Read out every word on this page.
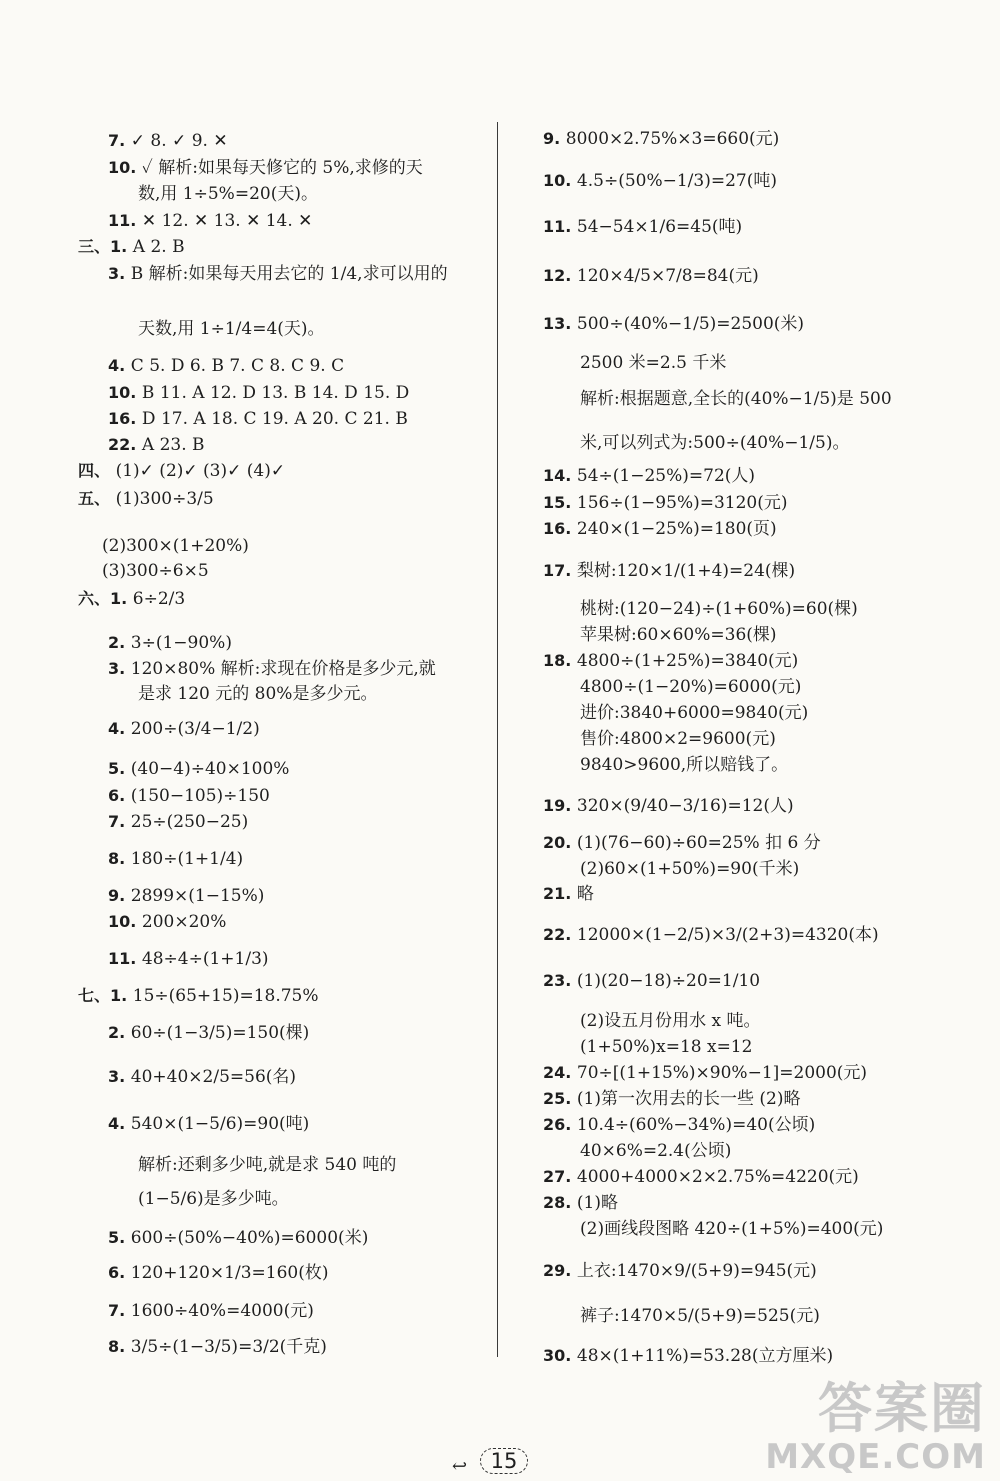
7. ✓ 8. ✓ 9. ✕
10. ✓ 解析:如果每天修它的 5%,求修的天
数,用 1÷5%=20(天)。
11. ✕ 12. ✕ 13. ✕ 14. ✕
三、1. A 2. B
3. B 解析:如果每天用去它的 1/4,求可以用的
天数,用 1÷1/4=4(天)。
4. C 5. D 6. B 7. C 8. C 9. C
10. B 11. A 12. D 13. B 14. D 15. D
16. D 17. A 18. C 19. A 20. C 21. B
22. A 23. B
四、 (1)✓ (2)✓ (3)✓ (4)✓
五、 (1)300÷3/5
(2)300×(1+20%)
(3)300÷6×5
六、1. 6÷2/3
2. 3÷(1−90%)
3. 120×80% 解析:求现在价格是多少元,就
是求 120 元的 80%是多少元。
4. 200÷(3/4−1/2)
5. (40−4)÷40×100%
6. (150−105)÷150
7. 25÷(250−25)
8. 180÷(1+1/4)
9. 2899×(1−15%)
10. 200×20%
11. 48÷4÷(1+1/3)
七、1. 15÷(65+15)=18.75%
2. 60÷(1−3/5)=150(棵)
3. 40+40×2/5=56(名)
4. 540×(1−5/6)=90(吨)
解析:还剩多少吨,就是求 540 吨的
(1−5/6)是多少吨。
5. 600÷(50%−40%)=6000(米)
6. 120+120×1/3=160(枚)
7. 1600÷40%=4000(元)
8. 3/5÷(1−3/5)=3/2(千克)
9. 8000×2.75%×3=660(元)
10. 4.5÷(50%−1/3)=27(吨)
11. 54−54×1/6=45(吨)
12. 120×4/5×7/8=84(元)
13. 500÷(40%−1/5)=2500(米)
2500 米=2.5 千米
解析:根据题意,全长的(40%−1/5)是 500
米,可以列式为:500÷(40%−1/5)。
14. 54÷(1−25%)=72(人)
15. 156÷(1−95%)=3120(元)
16. 240×(1−25%)=180(页)
17. 梨树:120×1/(1+4)=24(棵)
桃树:(120−24)÷(1+60%)=60(棵)
苹果树:60×60%=36(棵)
18. 4800÷(1+25%)=3840(元)
4800÷(1−20%)=6000(元)
进价:3840+6000=9840(元)
售价:4800×2=9600(元)
9840>9600,所以赔钱了。
19. 320×(9/40−3/16)=12(人)
20. (1)(76−60)÷60=25% 扣 6 分
(2)60×(1+50%)=90(千米)
21. 略
22. 12000×(1−2/5)×3/(2+3)=4320(本)
23. (1)(20−18)÷20=1/10
(2)设五月份用水 x 吨。
(1+50%)x=18 x=12
24. 70÷[(1+15%)×90%−1]=2000(元)
25. (1)第一次用去的长一些 (2)略
26. 10.4÷(60%−34%)=40(公顷)
40×6%=2.4(公顷)
27. 4000+4000×2×2.75%=4220(元)
28. (1)略
(2)画线段图略 420÷(1+5%)=400(元)
29. 上衣:1470×9/(5+9)=945(元)
裤子:1470×5/(5+9)=525(元)
30. 48×(1+11%)=53.28(立方厘米)
↩	15
答案圈
MXQE.COM
